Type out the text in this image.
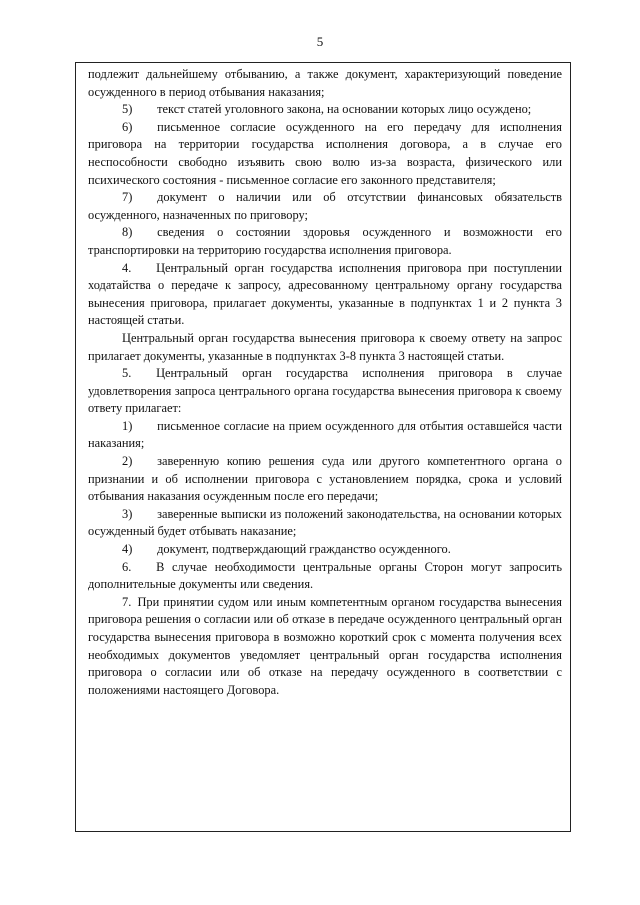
5

подлежит дальнейшему отбыванию, а также документ, характеризующий поведение осужденного в период отбывания наказания;

5)  текст статей уголовного закона, на основании которых лицо осуждено;

6)  письменное согласие осужденного на его передачу для исполнения приговора на территории государства исполнения договора, а в случае его неспособности свободно изъявить свою волю из-за возраста, физического или психического состояния - письменное согласие его законного представителя;

7)  документ о наличии или об отсутствии финансовых обязательств осужденного, назначенных по приговору;

8)  сведения о состоянии здоровья осужденного и возможности его транспортировки на территорию государства исполнения приговора.

4.  Центральный орган государства исполнения приговора при поступлении ходатайства о передаче к запросу, адресованному центральному органу государства вынесения приговора, прилагает документы, указанные в подпунктах 1 и 2 пункта 3 настоящей статьи.

Центральный орган государства вынесения приговора к своему ответу на запрос прилагает документы, указанные в подпунктах 3-8 пункта 3 настоящей статьи.

5.  Центральный орган государства исполнения приговора в случае удовлетворения запроса центрального органа государства вынесения приговора к своему ответу прилагает:

1)  письменное согласие на прием осужденного для отбытия оставшейся части наказания;

2)  заверенную копию решения суда или другого компетентного органа о признании и об исполнении приговора с установлением порядка, срока и условий отбывания наказания осужденным после его передачи;

3)  заверенные выписки из положений законодательства, на основании которых осужденный будет отбывать наказание;

4)  документ, подтверждающий гражданство осужденного.

6.  В случае необходимости центральные органы Сторон могут запросить дополнительные документы или сведения.

7. При принятии судом или иным компетентным органом государства вынесения приговора решения о согласии или об отказе в передаче осужденного центральный орган государства вынесения приговора в возможно короткий срок с момента получения всех необходимых документов уведомляет центральный орган государства исполнения приговора о согласии или об отказе на передачу осужденного в соответствии с положениями настоящего Договора.
